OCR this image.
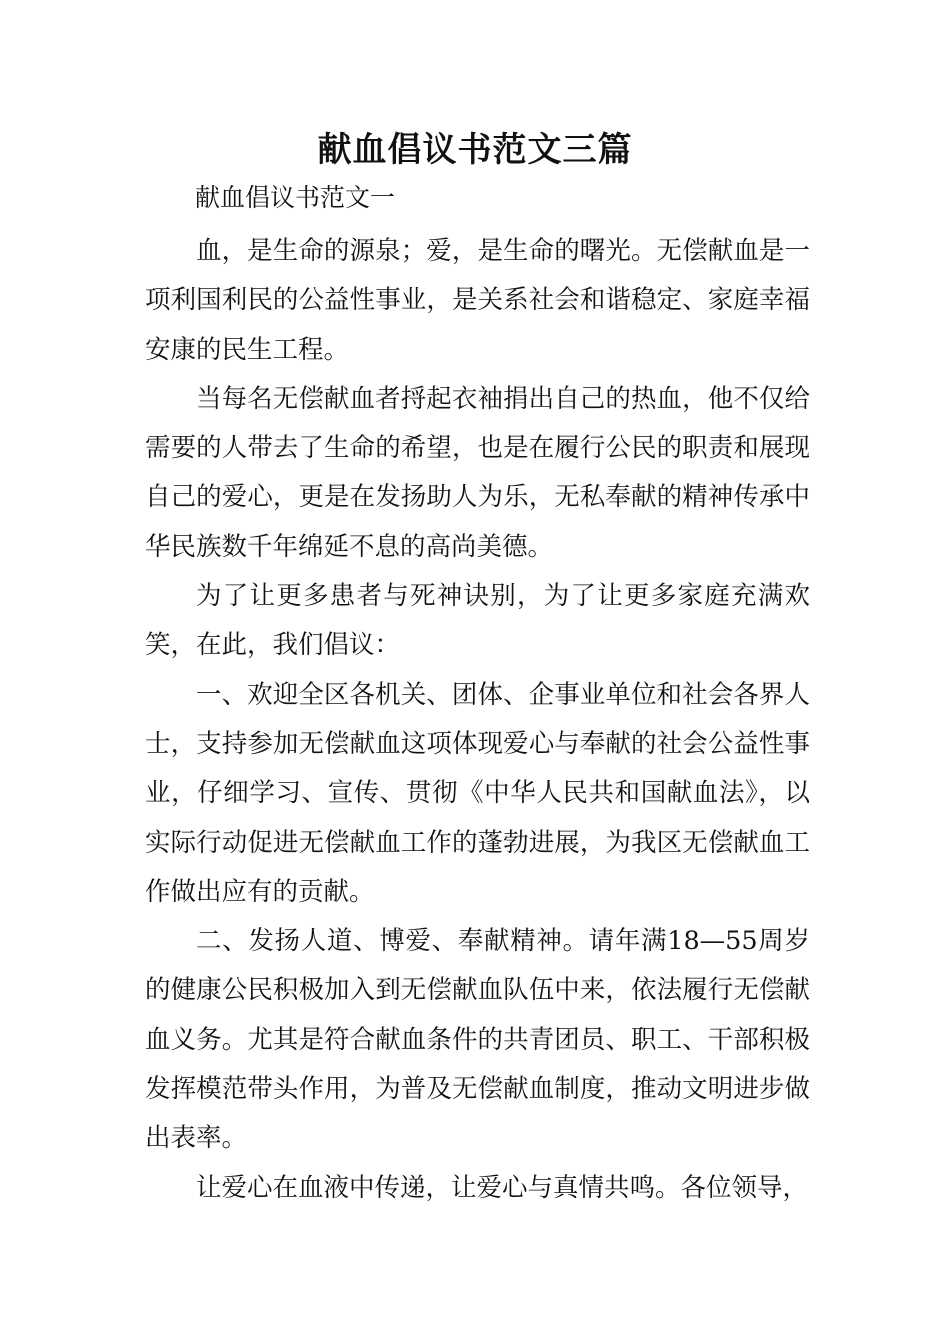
献血倡议书范文三篇

献血倡议书范文一

血，是生命的源泉；爱，是生命的曙光。无偿献血是一项利国利民的公益性事业，是关系社会和谐稳定、家庭幸福安康的民生工程。

当每名无偿献血者捋起衣袖捐出自己的热血，他不仅给需要的人带去了生命的希望，也是在履行公民的职责和展现自己的爱心，更是在发扬助人为乐，无私奉献的精神传承中华民族数千年绵延不息的高尚美德。

为了让更多患者与死神诀别，为了让更多家庭充满欢笑，在此，我们倡议：

一、欢迎全区各机关、团体、企事业单位和社会各界人士，支持参加无偿献血这项体现爱心与奉献的社会公益性事业，仔细学习、宣传、贯彻《中华人民共和国献血法》，以实际行动促进无偿献血工作的蓬勃进展，为我区无偿献血工作做出应有的贡献。

二、发扬人道、博爱、奉献精神。请年满18—55周岁的健康公民积极加入到无偿献血队伍中来，依法履行无偿献血义务。尤其是符合献血条件的共青团员、职工、干部积极发挥模范带头作用，为普及无偿献血制度，推动文明进步做出表率。

让爱心在血液中传递，让爱心与真情共鸣。各位领导，
